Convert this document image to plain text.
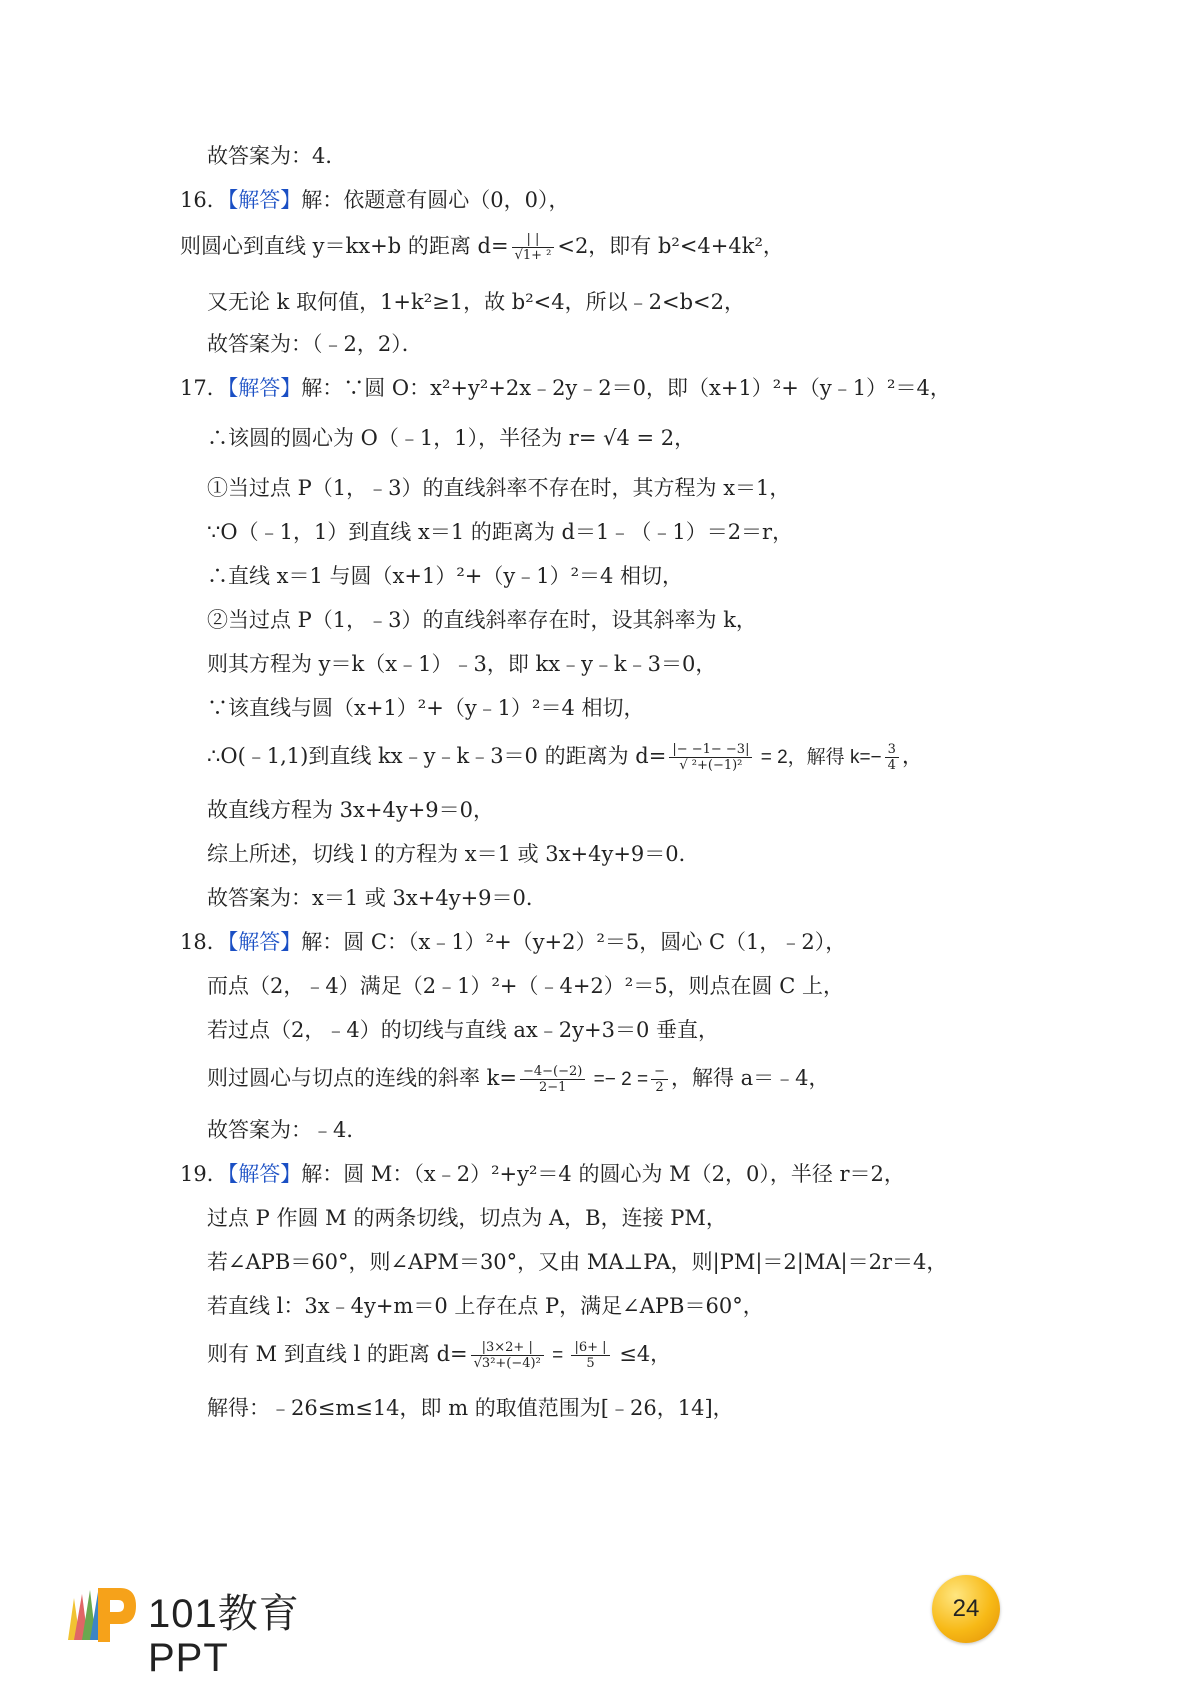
故答案为：4．
16．【解答】解：依题意有圆心（0，0），
则圆心到直线 y＝kx+b 的距离 $d= \frac{| |}{\text{√1+ ²}} <2$，即有 b²<4+4k²，
又无论 k 取何值，1+k²≥1，故 b²<4，所以﹣2<b<2，
故答案为：（﹣2，2）．
17．【解答】解：∵圆 O：x²+y²+2x﹣2y﹣2＝0，即（x+1）²+（y﹣1）²＝4，
∴该圆的圆心为 O（﹣1，1），半径为 r= √4 = 2，
①当过点 P（1，﹣3）的直线斜率不存在时，其方程为 x＝1，
∵O（﹣1，1）到直线 x＝1 的距离为 d＝1﹣（﹣1）＝2＝r，
∴直线 x＝1 与圆（x+1）²+（y﹣1）²＝4 相切，
②当过点 P（1，﹣3）的直线斜率存在时，设其斜率为 k，
则其方程为 y＝k（x﹣1）﹣3，即 kx﹣y﹣k﹣3＝0，
∵该直线与圆（x+1）²+（y﹣1）²＝4 相切，
∴O(﹣1,1)到直线 kx﹣y﹣k﹣3＝0 的距离为 $d= \frac{|- -1- -3|}{\text{√ ²+(−1)²}} = 2$，解得 $k=- \frac{3}{4}$ ，
故直线方程为 3x+4y+9＝0，
综上所述，切线 l 的方程为 x＝1 或 3x+4y+9＝0．
故答案为：x＝1 或 3x+4y+9＝0．
18．【解答】解：圆 C：（x﹣1）²+（y+2）²＝5，圆心 C（1，﹣2），
而点（2，﹣4）满足（2﹣1）²+（﹣4+2）²＝5，则点在圆 C 上，
若过点（2，﹣4）的切线与直线 ax﹣2y+3＝0 垂直，
则过圆心与切点的连线的斜率 $k= \frac{-4-(-2)}{2-1} =- 2 = \frac{-}{2}$ ，解得 a＝﹣4，
故答案为：﹣4．
19．【解答】解：圆 M：（x﹣2）²+y²＝4 的圆心为 M（2，0），半径 r＝2，
过点 P 作圆 M 的两条切线，切点为 A，B，连接 PM，
若∠APB＝60°，则∠APM＝30°，又由 MA⊥PA，则|PM|＝2|MA|＝2r＝4，
若直线 l：3x﹣4y+m＝0 上存在点 P，满足∠APB＝60°，
则有 M 到直线 l 的距离 $d= \frac{|3\times 2+ |}{\text{√3²+(−4)²}} = \frac{|6+ |}{5} \le 4$，
解得：﹣26≤m≤14，即 m 的取值范围为[﹣26，14]，
101教育PPT
24
